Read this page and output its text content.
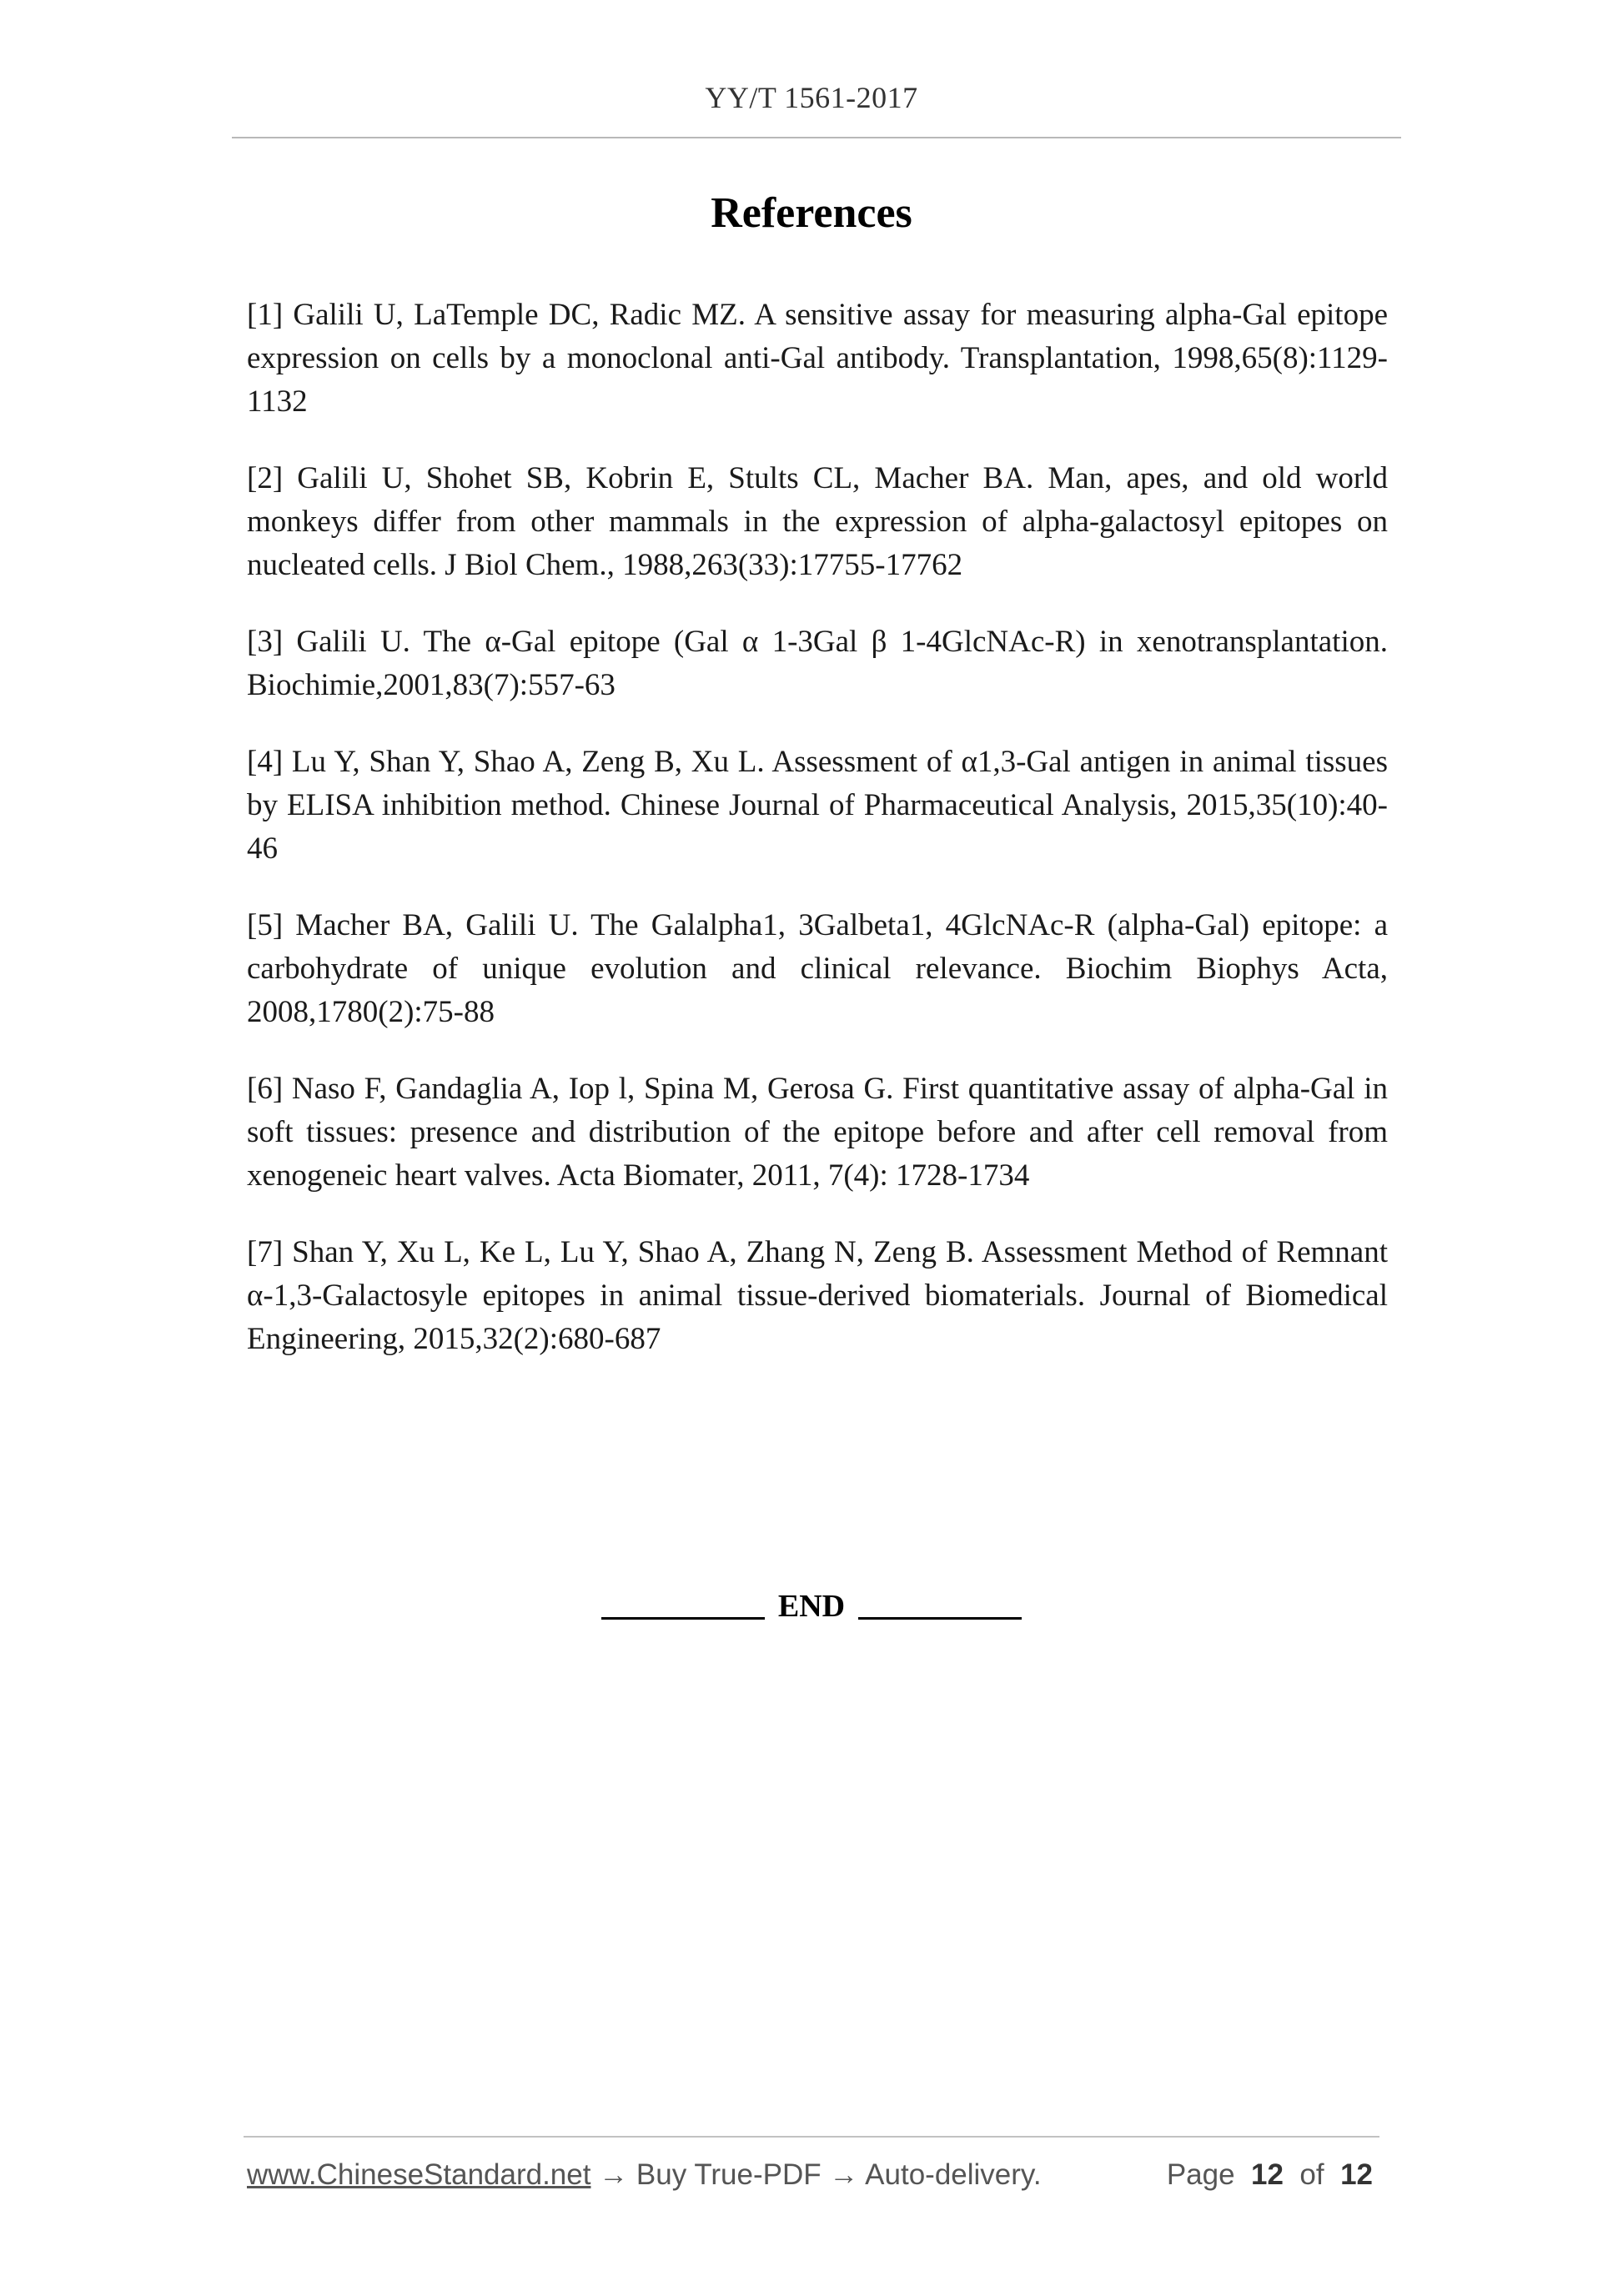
YY/T 1561-2017
References

[1] Galili U, LaTemple DC, Radic MZ. A sensitive assay for measuring alpha-Gal epitope expression on cells by a monoclonal anti-Gal antibody. Transplantation, 1998,65(8):1129-1132

[2] Galili U, Shohet SB, Kobrin E, Stults CL, Macher BA. Man, apes, and old world monkeys differ from other mammals in the expression of alpha-galactosyl epitopes on nucleated cells. J Biol Chem., 1988,263(33):17755-17762

[3] Galili U. The α-Gal epitope (Gal α 1-3Gal β 1-4GlcNAc-R) in xenotransplantation. Biochimie,2001,83(7):557-63

[4] Lu Y, Shan Y, Shao A, Zeng B, Xu L. Assessment of α1,3-Gal antigen in animal tissues by ELISA inhibition method. Chinese Journal of Pharmaceutical Analysis, 2015,35(10):40-46

[5] Macher BA, Galili U. The Galalpha1, 3Galbeta1, 4GlcNAc-R (alpha-Gal) epitope: a carbohydrate of unique evolution and clinical relevance. Biochim Biophys Acta, 2008,1780(2):75-88

[6] Naso F, Gandaglia A, Iop l, Spina M, Gerosa G. First quantitative assay of alpha-Gal in soft tissues: presence and distribution of the epitope before and after cell removal from xenogeneic heart valves. Acta Biomater, 2011, 7(4): 1728-1734

[7] Shan Y, Xu L, Ke L, Lu Y, Shao A, Zhang N, Zeng B. Assessment Method of Remnant α-1,3-Galactosyle epitopes in animal tissue-derived biomaterials. Journal of Biomedical Engineering, 2015,32(2):680-687

END
www.ChineseStandard.net → Buy True-PDF → Auto-delivery.	Page 12 of 12
